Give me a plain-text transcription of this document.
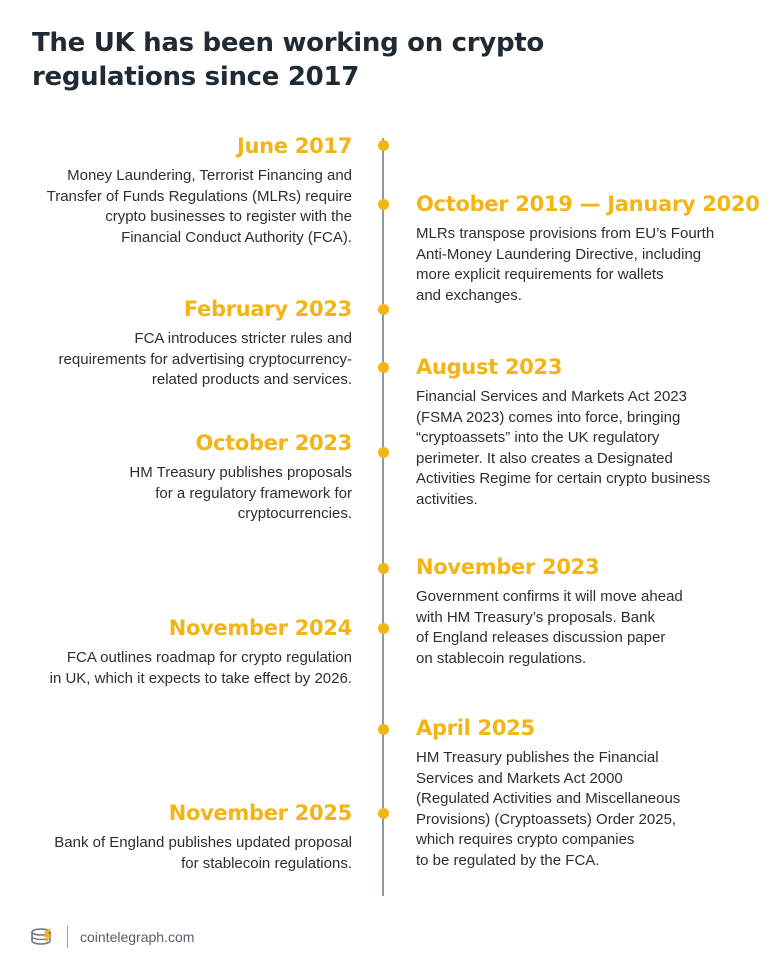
The UK has been working on crypto regulations since 2017

June 2017

Money Laundering, Terrorist Financing and
Transfer of Funds Regulations (MLRs) require
crypto businesses to register with the
Financial Conduct Authority (FCA).

October 2019 — January 2020

MLRs transpose provisions from EU’s Fourth
Anti-Money Laundering Directive, including
more explicit requirements for wallets
and exchanges.

February 2023

FCA introduces stricter rules and
requirements for advertising cryptocurrency-
related products and services.

August 2023

Financial Services and Markets Act 2023
(FSMA 2023) comes into force, bringing
“cryptoassets” into the UK regulatory
perimeter. It also creates a Designated
Activities Regime for certain crypto business
activities.

October 2023

HM Treasury publishes proposals
for a regulatory framework for
cryptocurrencies.

November 2023

Government confirms it will move ahead
with HM Treasury’s proposals. Bank
of England releases discussion paper
on stablecoin regulations.

November 2024

FCA outlines roadmap for crypto regulation
in UK, which it expects to take effect by 2026.

April 2025

HM Treasury publishes the Financial
Services and Markets Act 2000
(Regulated Activities and Miscellaneous
Provisions) (Cryptoassets) Order 2025,
which requires crypto companies
to be regulated by the FCA.

November 2025

Bank of England publishes updated proposal
for stablecoin regulations.

cointelegraph.com
